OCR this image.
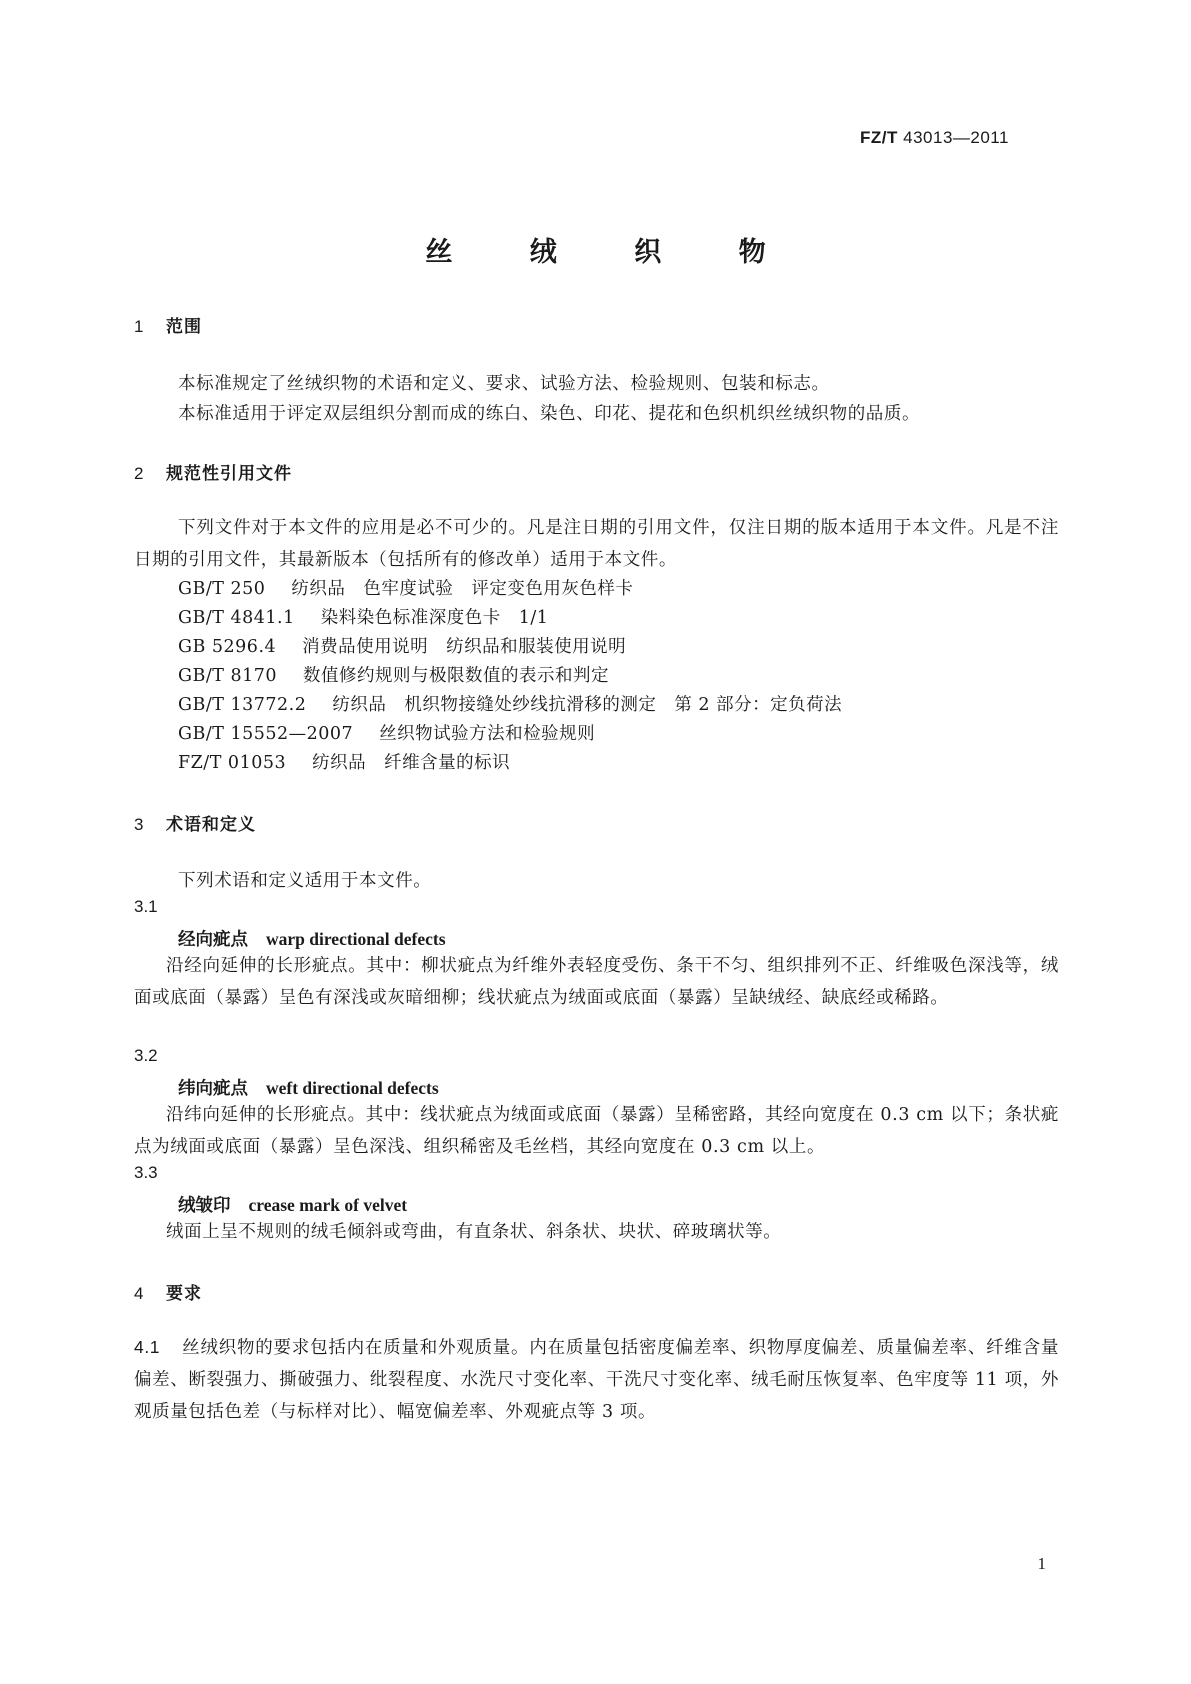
FZ/T 43013—2011
丝 绒 织 物
1 范围
本标准规定了丝绒织物的术语和定义、要求、试验方法、检验规则、包装和标志。
本标准适用于评定双层组织分割而成的练白、染色、印花、提花和色织机织丝绒织物的品质。
2 规范性引用文件
下列文件对于本文件的应用是必不可少的。凡是注日期的引用文件，仅注日期的版本适用于本文件。凡是不注日期的引用文件，其最新版本（包括所有的修改单）适用于本文件。
GB/T 250 纺织品　色牢度试验　评定变色用灰色样卡
GB/T 4841.1 染料染色标准深度色卡　1/1
GB 5296.4 消费品使用说明　纺织品和服装使用说明
GB/T 8170 数值修约规则与极限数值的表示和判定
GB/T 13772.2 纺织品　机织物接缝处纱线抗滑移的测定　第 2 部分：定负荷法
GB/T 15552—2007 丝织物试验方法和检验规则
FZ/T 01053 纺织品　纤维含量的标识
3 术语和定义
下列术语和定义适用于本文件。
3.1
经向疵点 warp directional defects
沿经向延伸的长形疵点。其中：柳状疵点为纤维外表轻度受伤、条干不匀、组织排列不正、纤维吸色深浅等，绒面或底面（暴露）呈色有深浅或灰暗细柳；线状疵点为绒面或底面（暴露）呈缺绒经、缺底经或稀路。
3.2
纬向疵点 weft directional defects
沿纬向延伸的长形疵点。其中：线状疵点为绒面或底面（暴露）呈稀密路，其经向宽度在 0.3 cm 以下；条状疵点为绒面或底面（暴露）呈色深浅、组织稀密及毛丝档，其经向宽度在 0.3 cm 以上。
3.3
绒皱印 crease mark of velvet
绒面上呈不规则的绒毛倾斜或弯曲，有直条状、斜条状、块状、碎玻璃状等。
4 要求
4.1 丝绒织物的要求包括内在质量和外观质量。内在质量包括密度偏差率、织物厚度偏差、质量偏差率、纤维含量偏差、断裂强力、撕破强力、纰裂程度、水洗尺寸变化率、干洗尺寸变化率、绒毛耐压恢复率、色牢度等 11 项，外观质量包括色差（与标样对比）、幅宽偏差率、外观疵点等 3 项。
1
